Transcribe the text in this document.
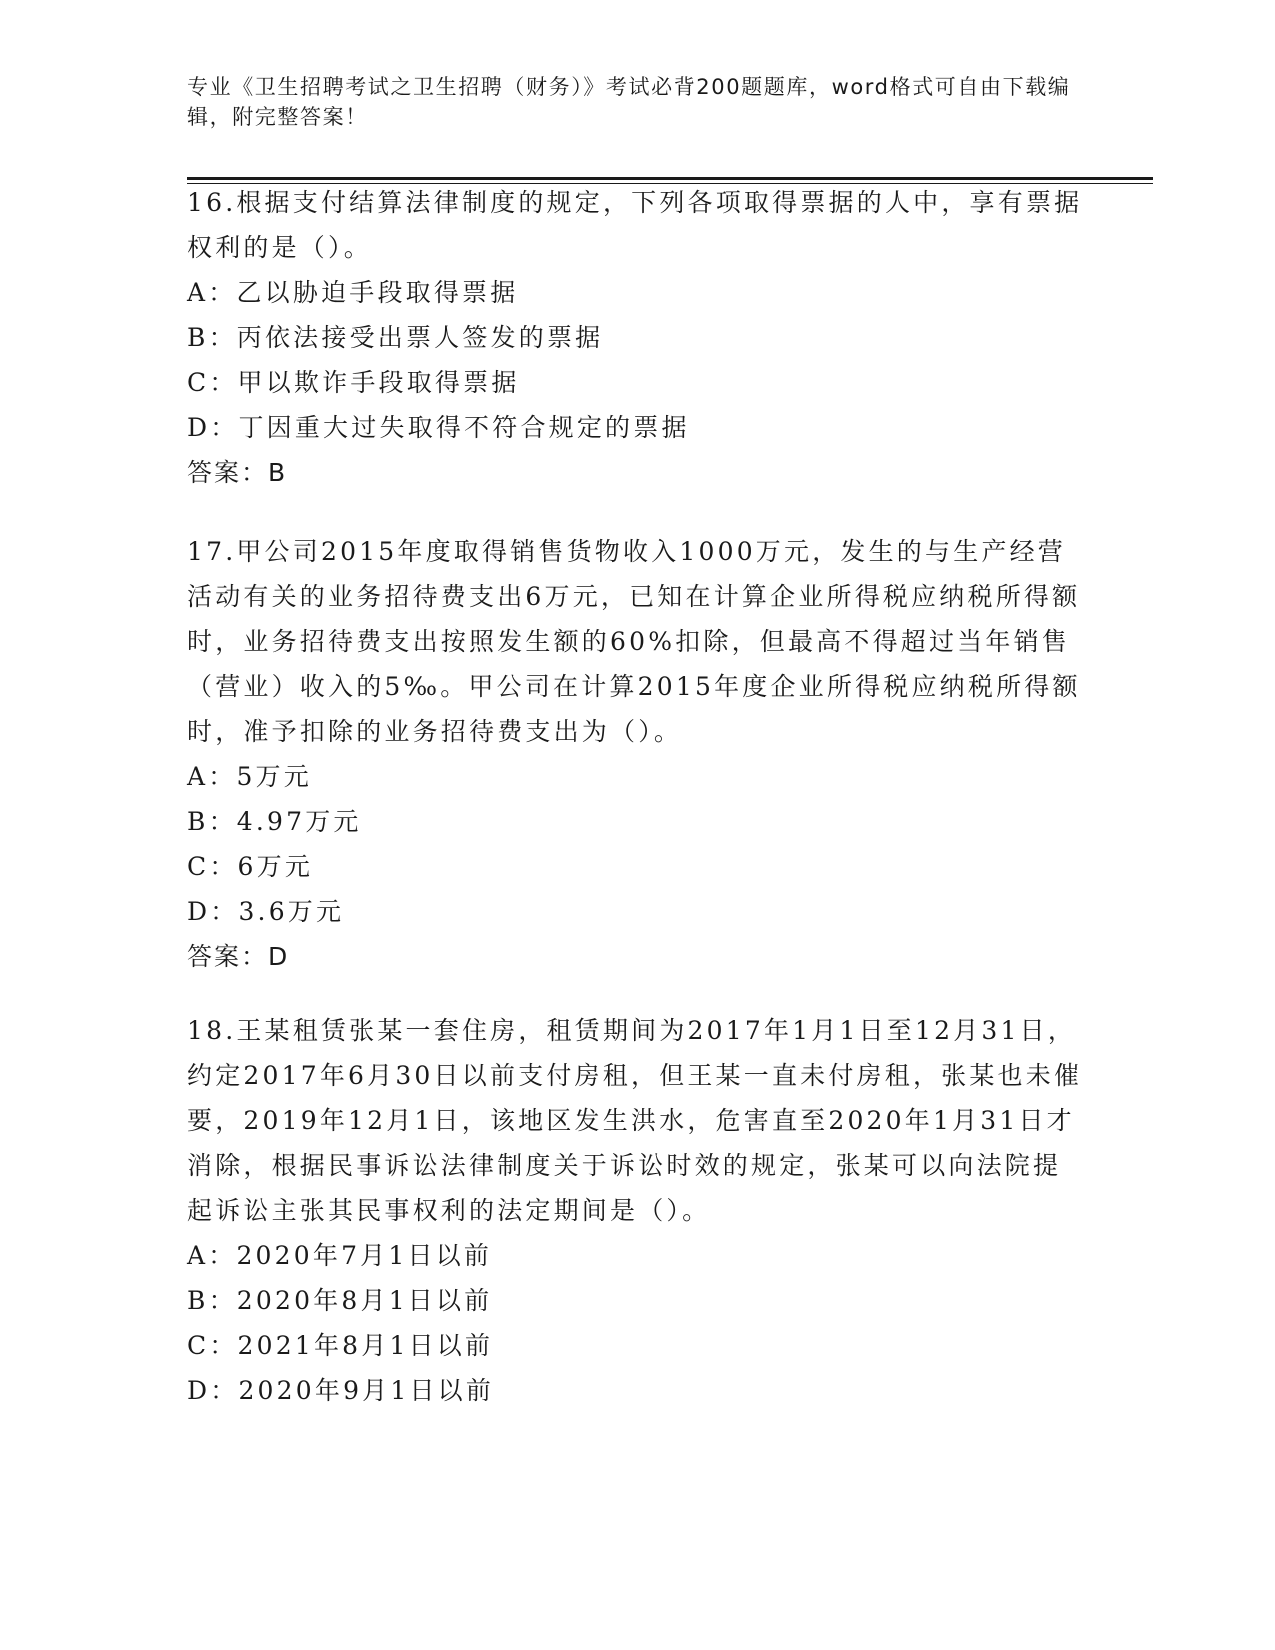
专业《卫生招聘考试之卫生招聘（财务）》考试必背200题题库，word格式可自由下载编辑，附完整答案！

16.根据支付结算法律制度的规定，下列各项取得票据的人中，享有票据权利的是（）。

A：乙以胁迫手段取得票据

B：丙依法接受出票人签发的票据

C：甲以欺诈手段取得票据

D：丁因重大过失取得不符合规定的票据

答案：B

17.甲公司2015年度取得销售货物收入1000万元，发生的与生产经营活动有关的业务招待费支出6万元，已知在计算企业所得税应纳税所得额时，业务招待费支出按照发生额的60%扣除，但最高不得超过当年销售（营业）收入的5‰。甲公司在计算2015年度企业所得税应纳税所得额时，准予扣除的业务招待费支出为（）。

A：5万元

B：4.97万元

C：6万元

D：3.6万元

答案：D

18.王某租赁张某一套住房，租赁期间为2017年1月1日至12月31日，约定2017年6月30日以前支付房租，但王某一直未付房租，张某也未催要，2019年12月1日，该地区发生洪水，危害直至2020年1月31日才消除，根据民事诉讼法律制度关于诉讼时效的规定，张某可以向法院提起诉讼主张其民事权利的法定期间是（）。

A：2020年7月1日以前

B：2020年8月1日以前

C：2021年8月1日以前

D：2020年9月1日以前
